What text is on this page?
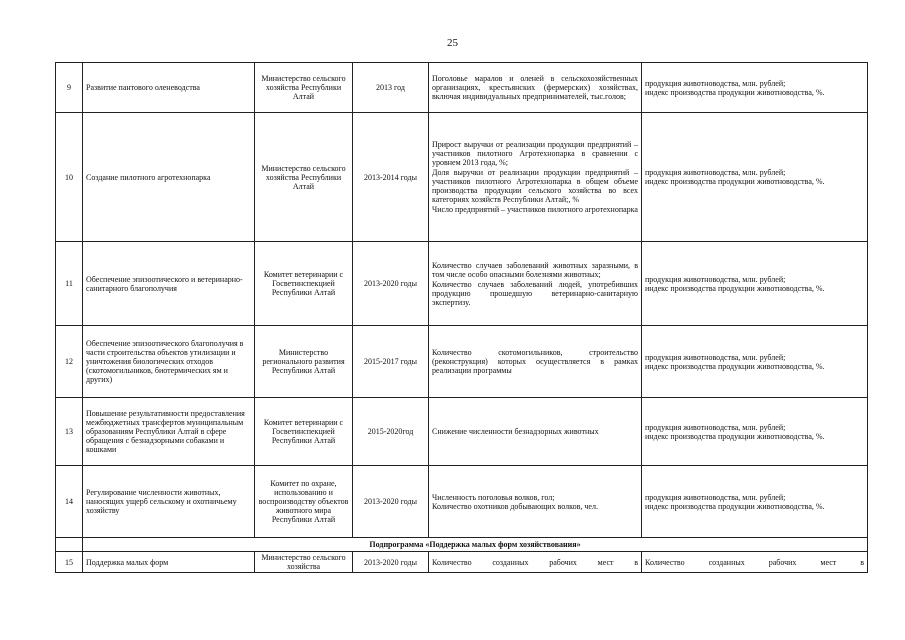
25
9	Развитие пантового оленеводства	Министерство сельского хозяйства Республики Алтай	2013 год	Поголовье маралов и оленей в сельскохозяйственных организациях, крестьянских (фермерских) хозяйствах, включая индивидуальных предпринимателей, тыс.голов;	продукция животноводства, млн. рублей;
индекс производства продукции животноводства, %.

10	Создание пилотного агротехнопарка	Министерство сельского хозяйства Республики Алтай	2013-2014 годы	Прирост выручки от реализации продукции предприятий – участников пилотного Агротехнопарка в сравнении с уровнем 2013 года, %;
Доля выручки от реализации продукции предприятий – участников пилотного Агротехнопарка в общем объеме производства продукции сельского хозяйства во всех категориях хозяйств Республики Алтай;, %
Число предприятий – участников пилотного агротехнопарка	продукция животноводства, млн. рублей;
индекс производства продукции животноводства, %.

11	Обеспечение эпизоотического и ветеринарно-санитарного благополучия	Комитет ветеринарии с Госветинспекцией Республики Алтай	2013-2020 годы	Количество случаев заболеваний животных заразными, в том числе особо опасными болезнями животных;
Количество случаев заболеваний людей, употребивших продукцию прошедшую ветеринарно-санитарную экспертизу.	продукция животноводства, млн. рублей;
индекс производства продукции животноводства, %.

12	Обеспечение эпизоотического благополучия в части строительства объектов утилизации и уничтожения биологических отходов (скотомогильников, биотермических ям и других)	Министерство регионального развития Республики Алтай	2015-2017 годы	Количество скотомогильников, строительство (реконструкция) которых осуществляется в рамках реализации программы	продукция животноводства, млн. рублей;
индекс производства продукции животноводства, %.

13	Повышение результативности предоставления межбюджетных трансфертов муниципальным образованиям Республики Алтай в сфере обращения с безнадзорными собаками и кошками	Комитет ветеринарии с Госветинспекцией Республики Алтай	2015-2020год	Снижение численности безнадзорных животных	продукция животноводства, млн. рублей;
индекс производства продукции животноводства, %.

14	Регулирование численности животных, наносящих ущерб сельскому и охотничьему хозяйству	Комитет по охране, использованию и воспроизводству объектов животного мира Республики Алтай	2013-2020 годы	Численность поголовья волков, гол;
Количество охотников добывающих волков, чел.	продукция животноводства, млн. рублей;
индекс производства продукции животноводства, %.

	Подпрограмма «Поддержка малых форм хозяйствования»				
15	Поддержка малых форм	Министерство сельского хозяйства	2013-2020 годы	Количество созданных рабочих мест в	Количество созданных рабочих мест в
